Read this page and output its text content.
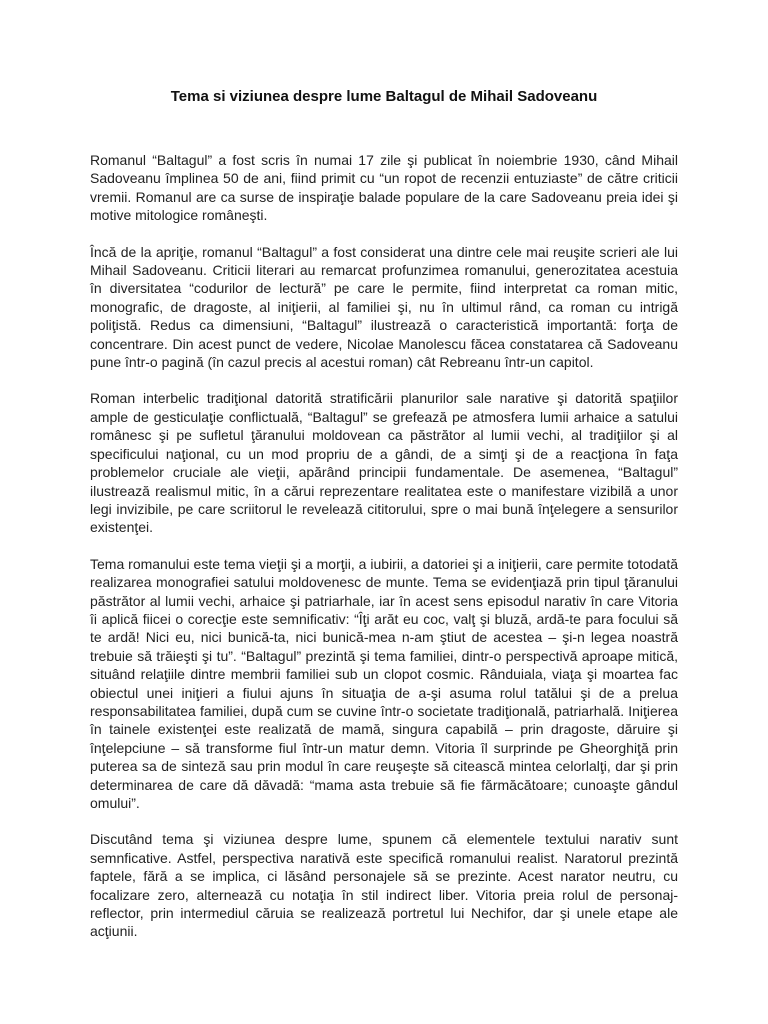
Tema si viziunea despre lume Baltagul de Mihail Sadoveanu

Romanul “Baltagul” a fost scris în numai 17 zile şi publicat în noiembrie 1930, când Mihail Sadoveanu împlinea 50 de ani, fiind primit cu “un ropot de recenzii entuziaste” de către criticii vremii. Romanul are ca surse de inspiraţie balade populare de la care Sadoveanu preia idei şi motive mitologice româneşti.

Încă de la apriţie, romanul “Baltagul” a fost considerat una dintre cele mai reuşite scrieri ale lui Mihail Sadoveanu. Criticii literari au remarcat profunzimea romanului, generozitatea acestuia în diversitatea “codurilor de lectură” pe care le permite, fiind interpretat ca roman mitic, monografic, de dragoste, al iniţierii, al familiei şi, nu în ultimul rând, ca roman cu intrigă poliţistă. Redus ca dimensiuni, “Baltagul” ilustrează o caracteristică importantă: forţa de concentrare. Din acest punct de vedere, Nicolae Manolescu făcea constatarea că Sadoveanu pune într-o pagină (în cazul precis al acestui roman) cât Rebreanu într-un capitol.

Roman interbelic tradiţional datorită stratificării planurilor sale narative şi datorită spaţiilor ample de gesticulaţie conflictuală, “Baltagul” se grefează pe atmosfera lumii arhaice a satului românesc şi pe sufletul ţăranului moldovean ca păstrător al lumii vechi, al tradiţiilor şi al specificului naţional, cu un mod propriu de a gândi, de a simţi şi de a reacţiona în faţa problemelor cruciale ale vieţii, apărând principii fundamentale. De asemenea, “Baltagul” ilustrează realismul mitic, în a cărui reprezentare realitatea este o manifestare vizibilă a unor legi invizibile, pe care scriitorul le revelează cititorului, spre o mai bună înţelegere a sensurilor existenţei.

Tema romanului este tema vieţii şi a morţii, a iubirii, a datoriei şi a iniţierii, care permite totodată realizarea monografiei satului moldovenesc de munte. Tema se evidenţiază prin tipul ţăranului păstrător al lumii vechi, arhaice şi patriarhale, iar în acest sens episodul narativ în care Vitoria îi aplică fiicei o corecţie este semnificativ: “Îţi arăt eu coc, valţ şi bluză, ardă-te para focului să te ardă! Nici eu, nici bunică-ta, nici bunică-mea n-am ştiut de acestea – şi-n legea noastră trebuie să trăieşti şi tu”. “Baltagul” prezintă şi tema familiei, dintr-o perspectivă aproape mitică, situând relaţiile dintre membrii familiei sub un clopot cosmic. Rânduiala, viaţa şi moartea fac obiectul unei iniţieri a fiului ajuns în situaţia de a-şi asuma rolul tatălui şi de a prelua responsabilitatea familiei, după cum se cuvine într-o societate tradiţională, patriarhală. Iniţierea în tainele existenţei este realizată de mamă, singura capabilă – prin dragoste, dăruire şi înţelepciune – să transforme fiul într-un matur demn. Vitoria îl surprinde pe Gheorghiţă prin puterea sa de sinteză sau prin modul în care reuşeşte să citească mintea celorlalţi, dar şi prin determinarea de care dă dăvadă: “mama asta trebuie să fie fărmăcătoare; cunoaşte gândul omului”.

Discutând tema şi viziunea despre lume, spunem că elementele textului narativ sunt semnficative. Astfel, perspectiva narativă este specifică romanului realist. Naratorul prezintă faptele, fără a se implica, ci lăsând personajele să se prezinte. Acest narator neutru, cu focalizare zero, alternează cu notaţia în stil indirect liber. Vitoria preia rolul de personaj-reflector, prin intermediul căruia se realizează portretul lui Nechifor, dar şi unele etape ale acţiunii.
